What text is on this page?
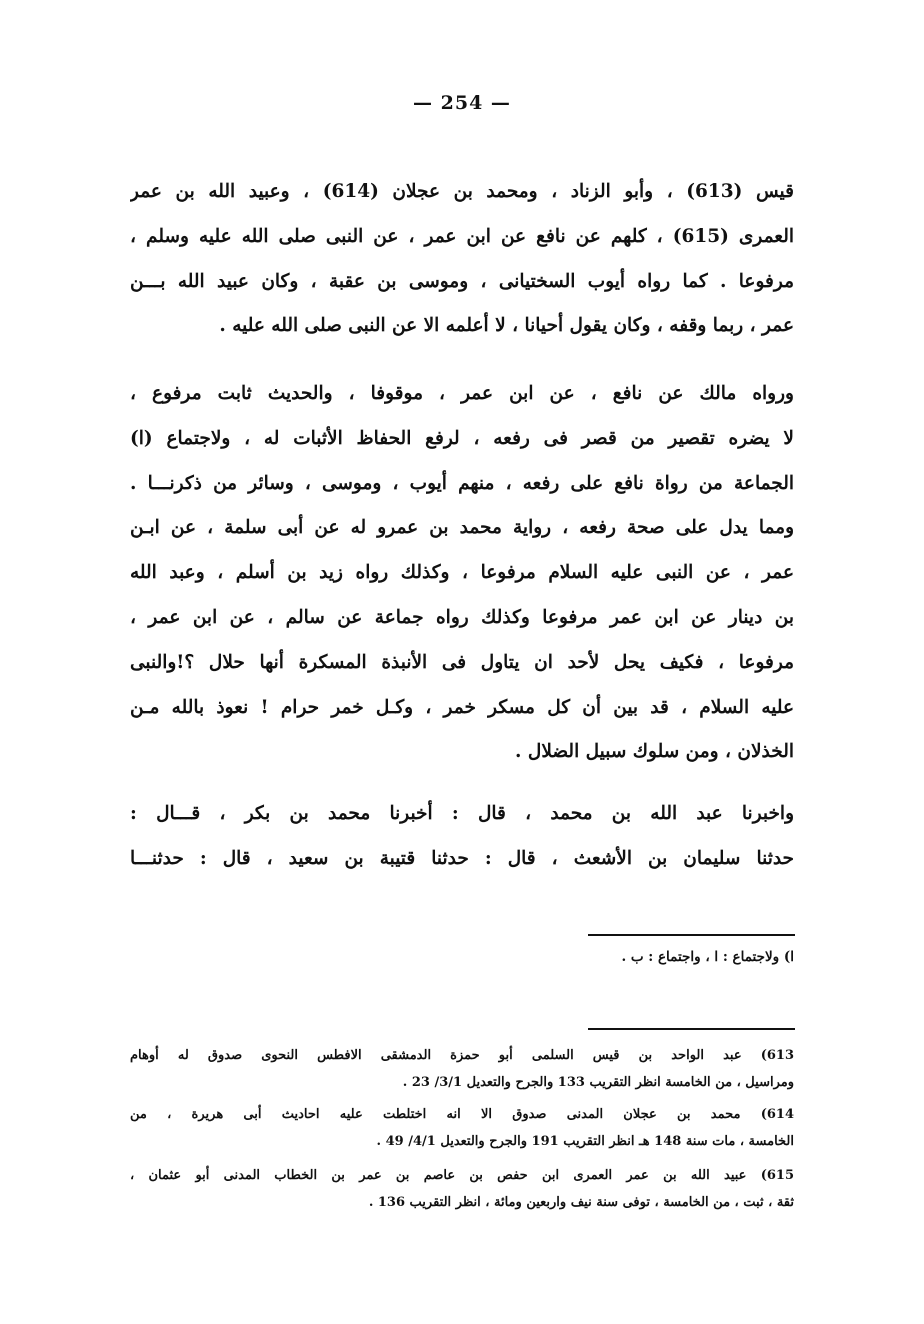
— 254 —
قيس (613) ، وأبو الزناد ، ومحمد بن عجلان (614) ، وعبيد الله بن عمر
العمرى (615) ، كلهم عن نافع عن ابن عمر ، عن النبى صلى الله عليه وسلم ،
مرفوعا . كما رواه أيوب السختيانى ، وموسى بن عقبة ، وكان عبيد الله بـــن
عمر ، ربما وقفه ، وكان يقول أحيانا ، لا أعلمه الا عن النبى صلى الله عليه .
ورواه مالك عن نافع ، عن ابن عمر ، موقوفا ، والحديث ثابت مرفوع ،
لا يضره تقصير من قصر فى رفعه ، لرفع الحفاظ الأثبات له ، ولاجتماع (ا)
الجماعة من رواة نافع على رفعه ، منهم أيوب ، وموسى ، وسائر من ذكرنـــا .
ومما يدل على صحة رفعه ، رواية محمد بن عمرو له عن أبى سلمة ، عن ابـن
عمر ، عن النبى عليه السلام مرفوعا ، وكذلك رواه زيد بن أسلم ، وعبد الله
بن دينار عن ابن عمر مرفوعا وكذلك رواه جماعة عن سالم ، عن ابن عمر ،
مرفوعا ، فكيف يحل لأحد ان يتاول فى الأنبذة المسكرة أنها حلال ؟!والنبى
عليه السلام ، قد بين أن كل مسكر خمر ، وكـل خمر حرام ! نعوذ بالله مـن
الخذلان ، ومن سلوك سبيل الضلال .
واخبرنا عبد الله بن محمد ، قال : أخبرنا محمد بن بكر ، قـــال :
حدثنا سليمان بن الأشعث ، قال : حدثنا قتيبة بن سعيد ، قال : حدثنـــا
ا) ولاجتماع : ا ، واجتماع : ب .
613) عبد الواحد بن قيس السلمى أبو حمزة الدمشقى الافطس النحوى صدوق له أوهام
ومراسيل ، من الخامسة انظر التقريب 133 والجرح والتعديل 3/1/ 23 .
614) محمد بن عجلان المدنى صدوق الا انه اختلطت عليه احاديث أبى هريرة ، من
الخامسة ، مات سنة 148 هـ انظر التقريب 191 والجرح والتعديل 4/1/ 49 .
615) عبيد الله بن عمر العمرى ابن حفص بن عاصم بن عمر بن الخطاب المدنى أبو عثمان ،
ثقة ، ثبت ، من الخامسة ، توفى سنة نيف واربعين ومائة ، انظر التقريب 136 .
